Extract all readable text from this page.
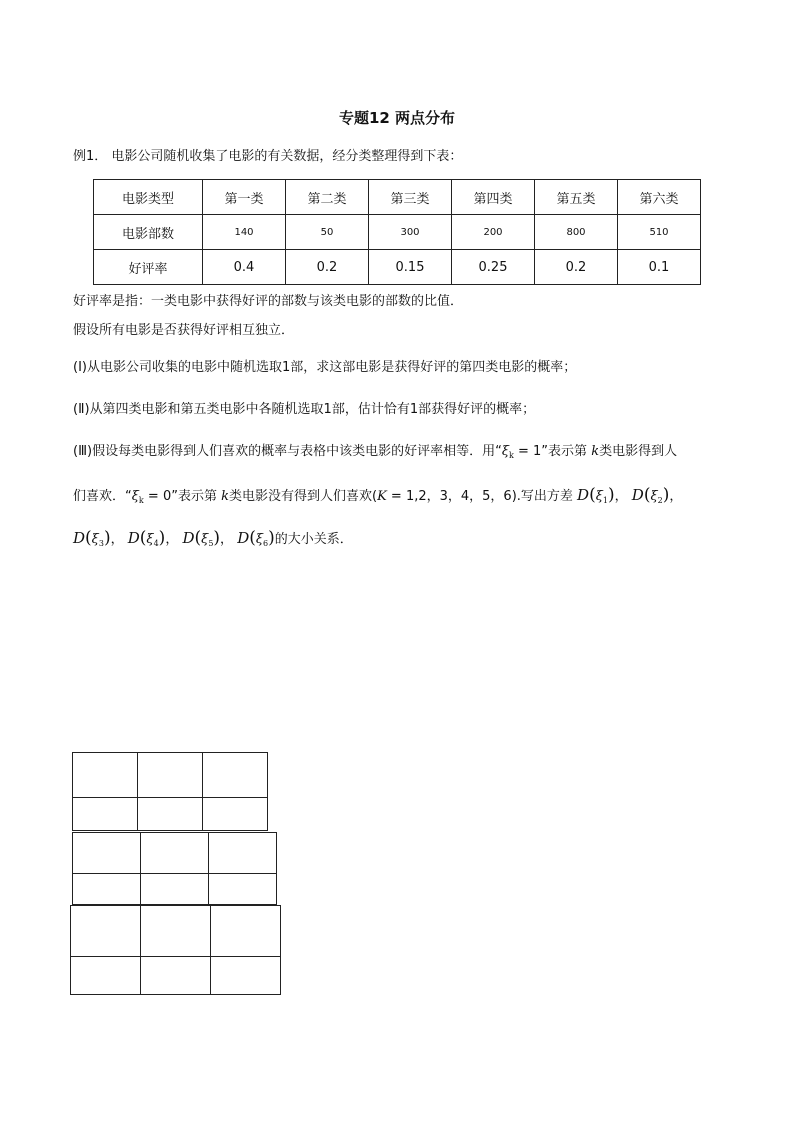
专题12 两点分布
例1． 电影公司随机收集了电影的有关数据，经分类整理得到下表：
电影类型	第一类	第二类	第三类	第四类	第五类	第六类
电影部数	140	50	300	200	800	510
好评率	0.4	0.2	0.15	0.25	0.2	0.1
好评率是指：一类电影中获得好评的部数与该类电影的部数的比值．
假设所有电影是否获得好评相互独立．
(Ⅰ)从电影公司收集的电影中随机选取1部，求这部电影是获得好评的第四类电影的概率；
(Ⅱ)从第四类电影和第五类电影中各随机选取1部，估计恰有1部获得好评的概率；
(Ⅲ)假设每类电影得到人们喜欢的概率与表格中该类电影的好评率相等．用“$\xi_k = 1$”表示第 k类电影得到人
们喜欢．“$\xi_k = 0$”表示第 k类电影没有得到人们喜欢(K = 1,2，3，4，5，6).写出方差 $D(\xi_1)$， $D(\xi_2)$，
$D(\xi_3)$， $D(\xi_4)$， $D(\xi_5)$， $D(\xi_6)$的大小关系．
